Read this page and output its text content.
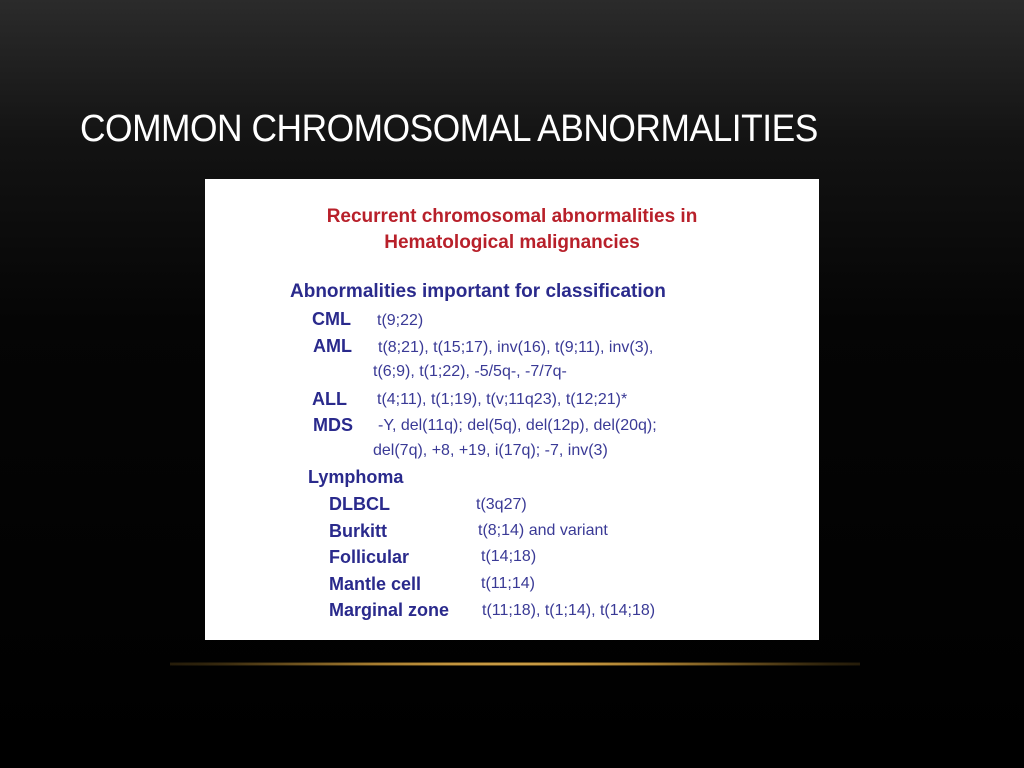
COMMON CHROMOSOMAL ABNORMALITIES
Recurrent chromosomal abnormalities in
Hematological malignancies
Abnormalities important for classification
CML t(9;22)
AML t(8;21), t(15;17), inv(16), t(9;11), inv(3),
t(6;9), t(1;22), -5/5q-, -7/7q-
ALL t(4;11), t(1;19), t(v;11q23), t(12;21)*
MDS -Y, del(11q); del(5q), del(12p), del(20q);
del(7q), +8, +19, i(17q); -7, inv(3)
Lymphoma
DLBCL	t(3q27)
Burkitt	t(8;14) and variant
Follicular	t(14;18)
Mantle cell	t(11;14)
Marginal zone t(11;18), t(1;14), t(14;18)
